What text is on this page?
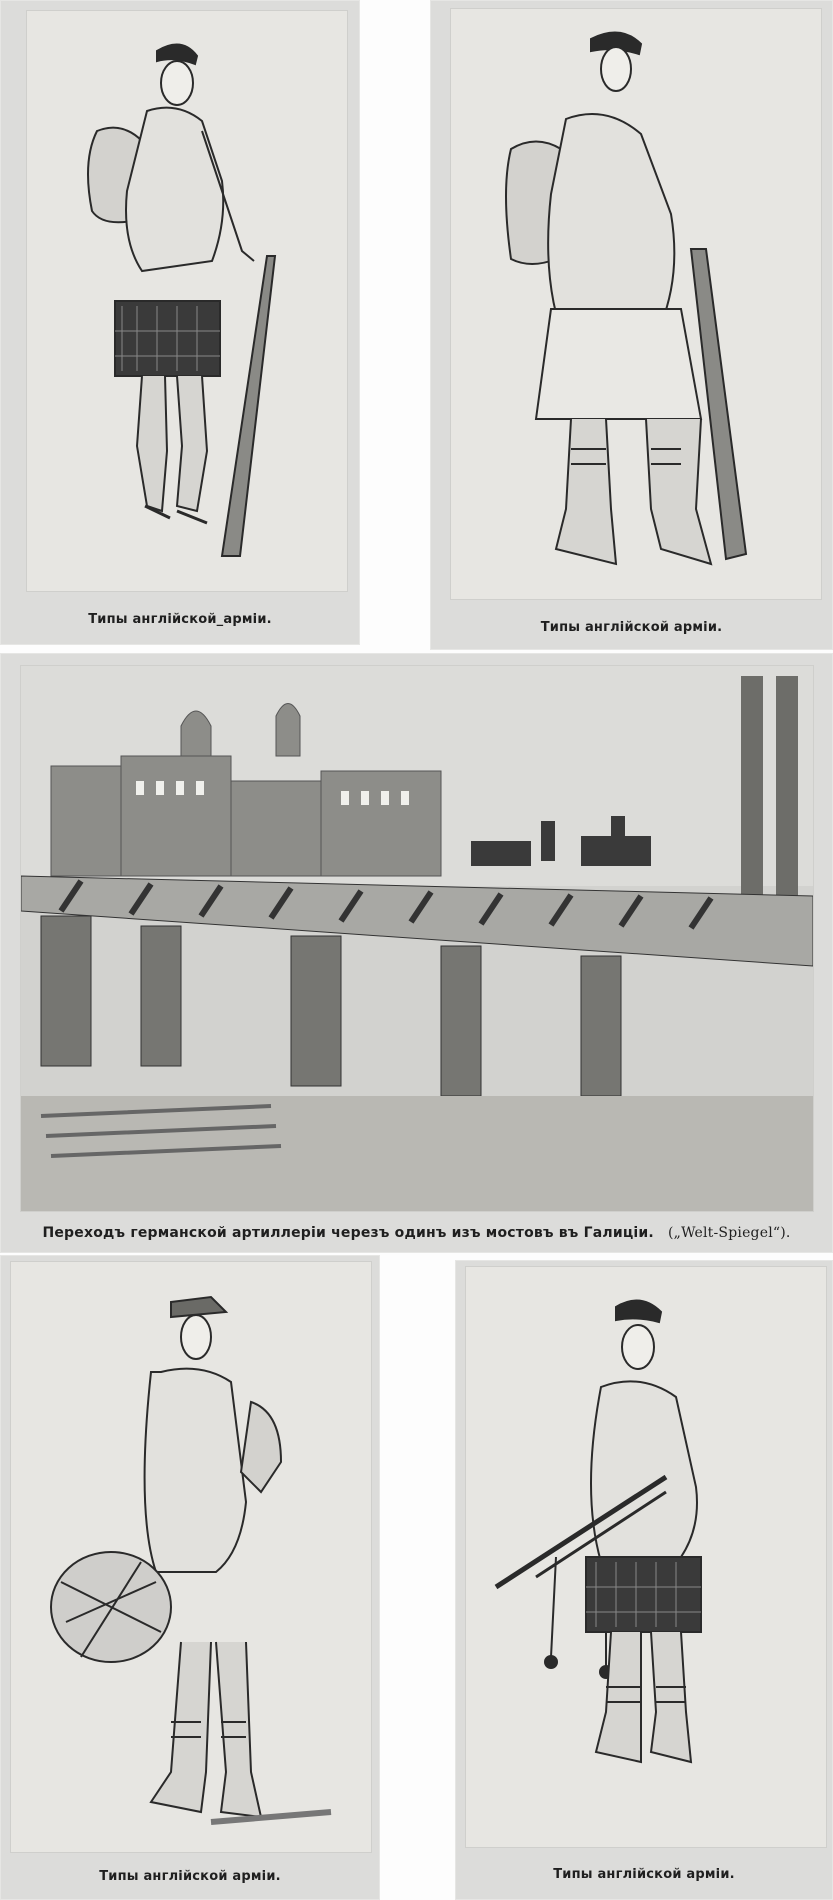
Типы англійской_арміи.
Типы англійской арміи.
Переходъ германской артиллеріи черезъ одинъ изъ мостовъ въ Галиціи. („Welt-Spiegel“).
Типы англійской арміи.	Типы англійской арміи.
